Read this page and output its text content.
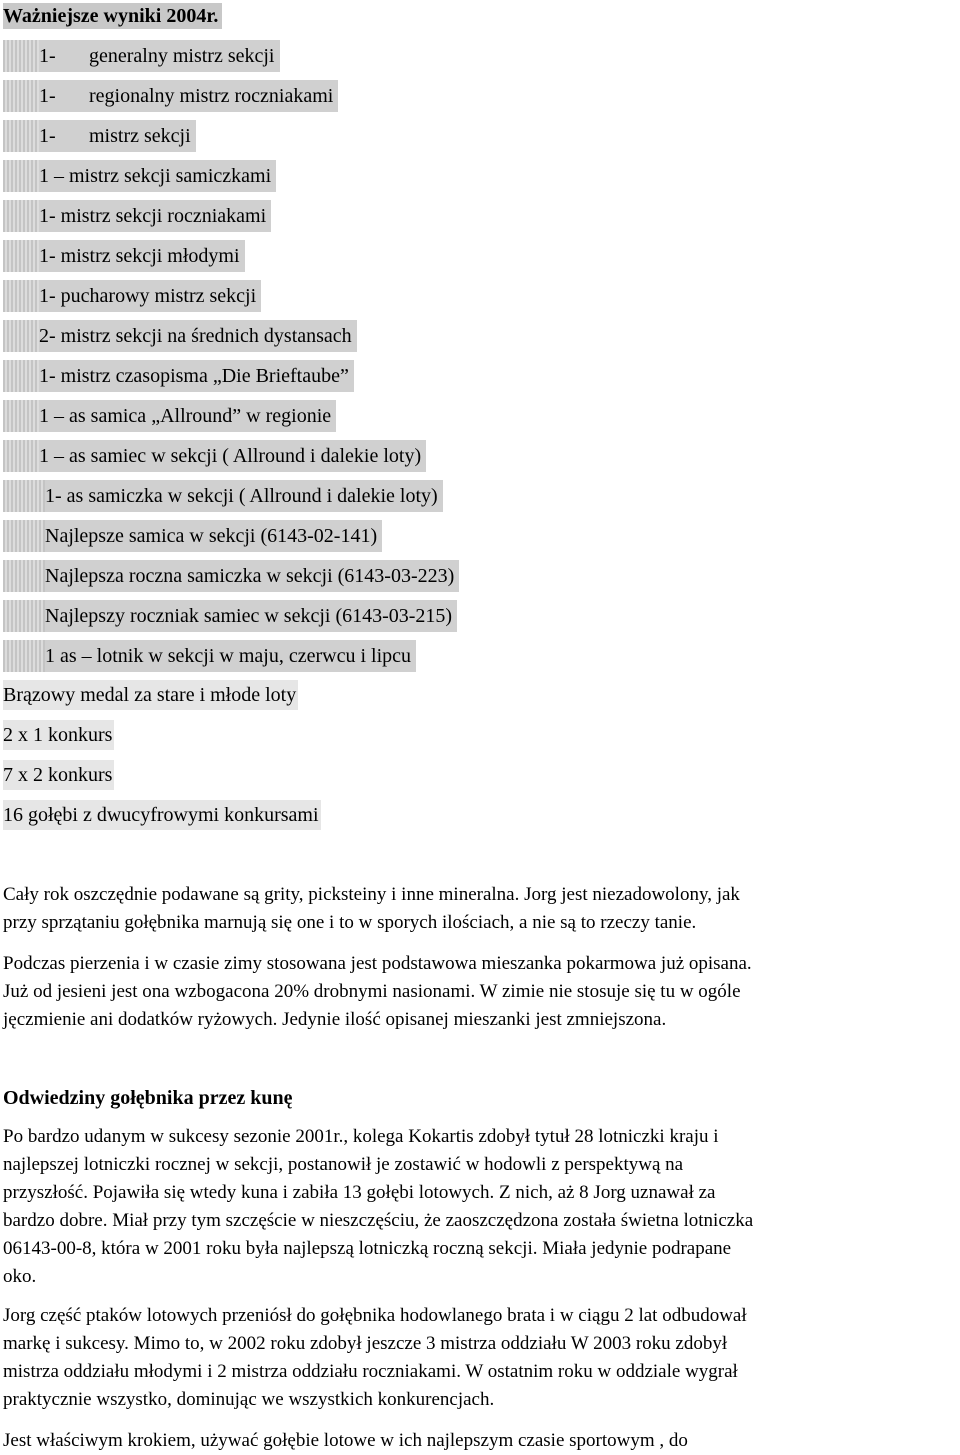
Ważniejsze wyniki 2004r.
1- generalny mistrz sekcji
1- regionalny mistrz roczniakami
1- mistrz sekcji
1 – mistrz sekcji samiczkami
1- mistrz sekcji roczniakami
1- mistrz sekcji młodymi
1- pucharowy mistrz sekcji
2- mistrz sekcji na średnich dystansach
1- mistrz czasopisma „Die Brieftaube”
1 – as samica „Allround” w regionie
1 – as samiec w sekcji ( Allround i dalekie loty)
1- as samiczka w sekcji ( Allround i dalekie loty)
Najlepsze samica w sekcji (6143-02-141)
Najlepsza roczna samiczka w sekcji (6143-03-223)
Najlepszy roczniak samiec w sekcji (6143-03-215)
1 as – lotnik w sekcji w maju, czerwcu i lipcu
Brązowy medal za stare i młode loty
2 x 1 konkurs
7 x 2 konkurs
16 gołębi z dwucyfrowymi konkursami
Cały rok oszczędnie podawane są grity, picksteiny i inne mineralna. Jorg jest niezadowolony, jak
przy sprzątaniu gołębnika marnują się one i to w sporych ilościach, a nie są to rzeczy tanie.
Podczas pierzenia i w czasie zimy stosowana jest podstawowa mieszanka pokarmowa już opisana.
Już od jesieni jest ona wzbogacona 20% drobnymi nasionami. W zimie nie stosuje się tu w ogóle
jęczmienie ani dodatków ryżowych. Jedynie ilość opisanej mieszanki jest zmniejszona.
Odwiedziny gołębnika przez kunę
Po bardzo udanym w sukcesy sezonie 2001r., kolega Kokartis zdobył tytuł 28 lotniczki kraju i
najlepszej lotniczki rocznej w sekcji, postanowił je zostawić w hodowli z perspektywą na
przyszłość. Pojawiła się wtedy kuna i zabiła 13 gołębi lotowych. Z nich, aż 8 Jorg uznawał za
bardzo dobre. Miał przy tym szczęście w nieszczęściu, że zaoszczędzona została świetna lotniczka
06143-00-8, która w 2001 roku była najlepszą lotniczką roczną sekcji. Miała jedynie podrapane
oko.
Jorg część ptaków lotowych przeniósł do gołębnika hodowlanego brata i w ciągu 2 lat odbudował
markę i sukcesy. Mimo to, w 2002 roku zdobył jeszcze 3 mistrza oddziału W 2003 roku zdobył
mistrza oddziału młodymi i 2 mistrza oddziału roczniakami. W ostatnim roku w oddziale wygrał
praktycznie wszystko, dominując we wszystkich konkurencjach.
Jest właściwym krokiem, używać gołębie lotowe w ich najlepszym czasie sportowym , do
